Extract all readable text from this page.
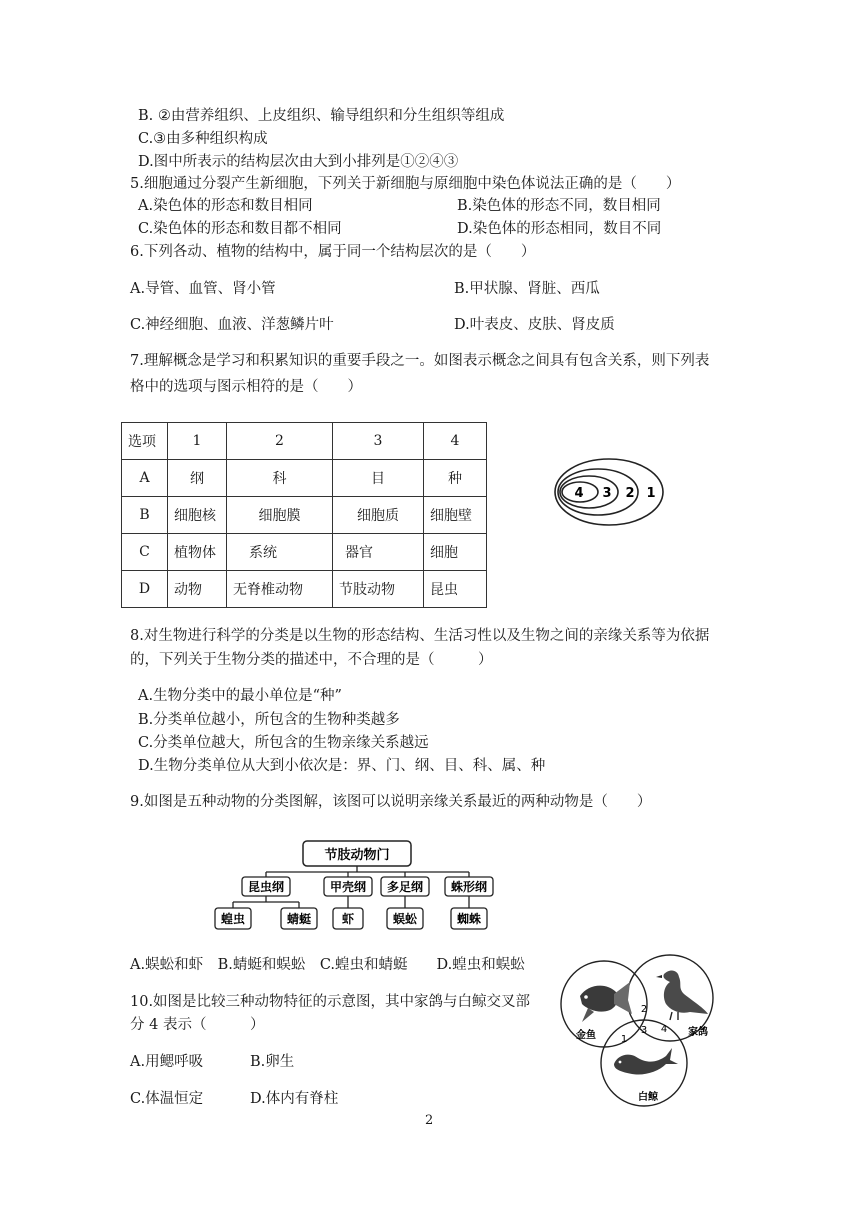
B. ②由营养组织、上皮组织、输导组织和分生组织等组成
C.③由多种组织构成
D.图中所表示的结构层次由大到小排列是①②④③
5.细胞通过分裂产生新细胞，下列关于新细胞与原细胞中染色体说法正确的是（　　）
A.染色体的形态和数目相同	B.染色体的形态不同，数目相同
C.染色体的形态和数目都不相同	D.染色体的形态相同，数目不同
6.下列各动、植物的结构中，属于同一个结构层次的是（　　）
A.导管、血管、肾小管	B.甲状腺、肾脏、西瓜
C.神经细胞、血液、洋葱鳞片叶	D.叶表皮、皮肤、肾皮质
7.理解概念是学习和积累知识的重要手段之一。如图表示概念之间具有包含关系，则下列表
格中的选项与图示相符的是（　　）
选项	1	2	3	4
A	纲	科	目	种
B	细胞核	细胞膜	细胞质	细胞壁
C	植物体	系统	器官	细胞
D	动物	无脊椎动物	节肢动物	昆虫
4 3 2 1
8.对生物进行科学的分类是以生物的形态结构、生活习性以及生物之间的亲缘关系等为依据
的，下列关于生物分类的描述中，不合理的是（　　　）
A.生物分类中的最小单位是“种”
B.分类单位越小，所包含的生物种类越多
C.分类单位越大，所包含的生物亲缘关系越远
D.生物分类单位从大到小依次是：界、门、纲、目、科、属、种
9.如图是五种动物的分类图解，该图可以说明亲缘关系最近的两种动物是（　　）
节肢动物门
昆虫纲	甲壳纲 多足纲 蛛形纲
蝗虫	蜻蜓	虾	蜈蚣	蜘蛛
A.蜈蚣和虾　B.蜻蜓和蜈蚣　C.蝗虫和蜻蜓　　D.蝗虫和蜈蚣
10.如图是比较三种动物特征的示意图，其中家鸽与白鲸交叉部
分 4 表示（　　　）
A.用鳃呼吸	B.卵生
C.体温恒定	D.体内有脊柱
金鱼	家鸽
白鲸
1
2
3 4
2
